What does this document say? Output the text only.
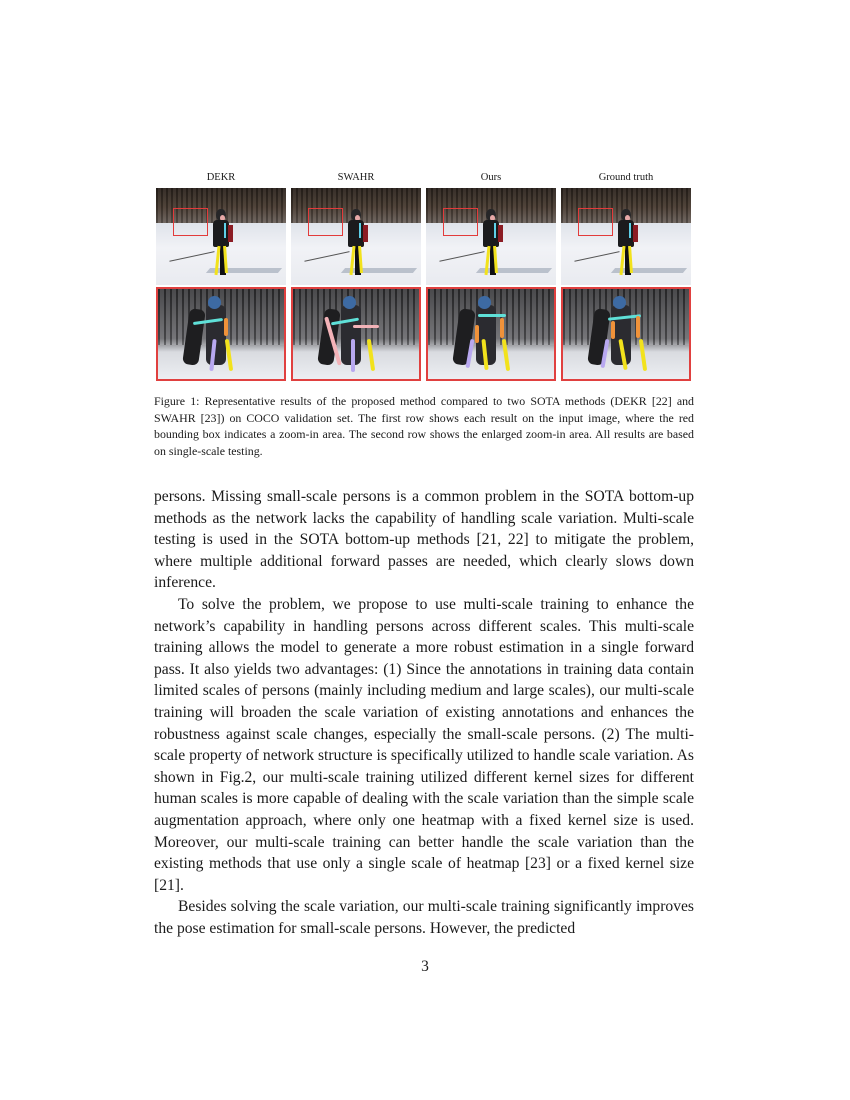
DEKR	SWAHR	Ours	Ground truth
Figure 1: Representative results of the proposed method compared to two SOTA methods (DEKR [22] and SWAHR [23]) on COCO validation set. The first row shows each result on the input image, where the red bounding box indicates a zoom-in area. The second row shows the enlarged zoom-in area. All results are based on single-scale testing.

persons. Missing small-scale persons is a common problem in the SOTA bottom-up methods as the network lacks the capability of handling scale variation. Multi-scale testing is used in the SOTA bottom-up methods [21, 22] to mitigate the problem, where multiple additional forward passes are needed, which clearly slows down inference.

To solve the problem, we propose to use multi-scale training to enhance the network’s capability in handling persons across different scales. This multi-scale training allows the model to generate a more robust estimation in a single forward pass. It also yields two advantages: (1) Since the annotations in training data contain limited scales of persons (mainly including medium and large scales), our multi-scale training will broaden the scale variation of existing annotations and enhances the robustness against scale changes, especially the small-scale persons. (2) The multi-scale property of network structure is specifically utilized to handle scale variation. As shown in Fig.2, our multi-scale training utilized different kernel sizes for different human scales is more capable of dealing with the scale variation than the simple scale augmentation approach, where only one heatmap with a fixed kernel size is used. Moreover, our multi-scale training can better handle the scale variation than the existing methods that use only a single scale of heatmap [23] or a fixed kernel size [21].

Besides solving the scale variation, our multi-scale training significantly improves the pose estimation for small-scale persons. However, the predicted

3
